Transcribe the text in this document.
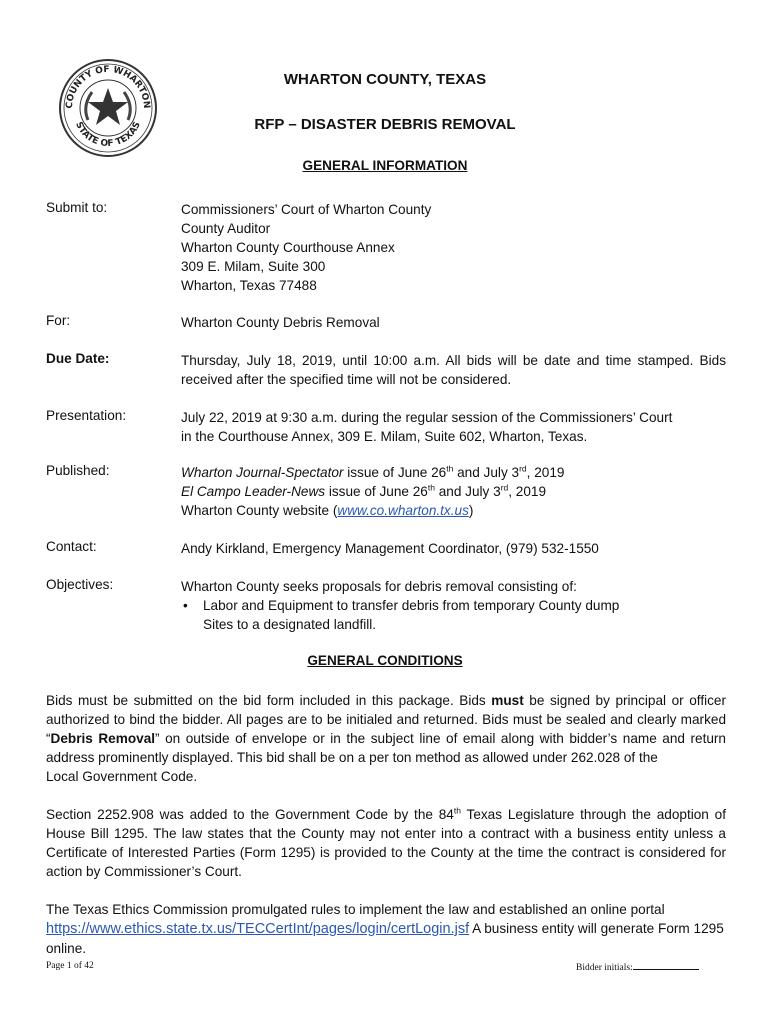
COUNTY OF WHARTON
STATE OF TEXAS
WHARTON COUNTY, TEXAS
RFP – DISASTER DEBRIS REMOVAL
GENERAL INFORMATION
Submit to:	Commissioners’ Court of Wharton County
County Auditor
Wharton County Courthouse Annex
309 E. Milam, Suite 300
Wharton, Texas 77488
For:	Wharton County Debris Removal
Due Date:	Thursday, July 18, 2019, until 10:00 a.m. All bids will be date and time stamped. Bids received after the specified time will not be considered.
Presentation:	July 22, 2019 at 9:30 a.m. during the regular session of the Commissioners’ Court
in the Courthouse Annex, 309 E. Milam, Suite 602, Wharton, Texas.
Published:	Wharton Journal-Spectator issue of June 26th and July 3rd, 2019
El Campo Leader-News issue of June 26th and July 3rd, 2019
Wharton County website (www.co.wharton.tx.us)
Contact:	Andy Kirkland, Emergency Management Coordinator, (979) 532-1550
Objectives:	Wharton County seeks proposals for debris removal consisting of:
• Labor and Equipment to transfer debris from temporary County dump
Sites to a designated landfill.
GENERAL CONDITIONS
Bids must be submitted on the bid form included in this package. Bids must be signed by principal or officer authorized to bind the bidder. All pages are to be initialed and returned. Bids must be sealed and clearly marked “Debris Removal” on outside of envelope or in the subject line of email along with bidder’s name and return address prominently displayed. This bid shall be on a per ton method as allowed under 262.028 of the
Local Government Code.
Section 2252.908 was added to the Government Code by the 84th Texas Legislature through the adoption of House Bill 1295. The law states that the County may not enter into a contract with a business entity unless a Certificate of Interested Parties (Form 1295) is provided to the County at the time the contract is considered for action by Commissioner’s Court.
The Texas Ethics Commission promulgated rules to implement the law and established an online portal
https://www.ethics.state.tx.us/TECCertInt/pages/login/certLogin.jsf A business entity will generate Form 1295
online.
Page 1 of 42	Bidder initials:
